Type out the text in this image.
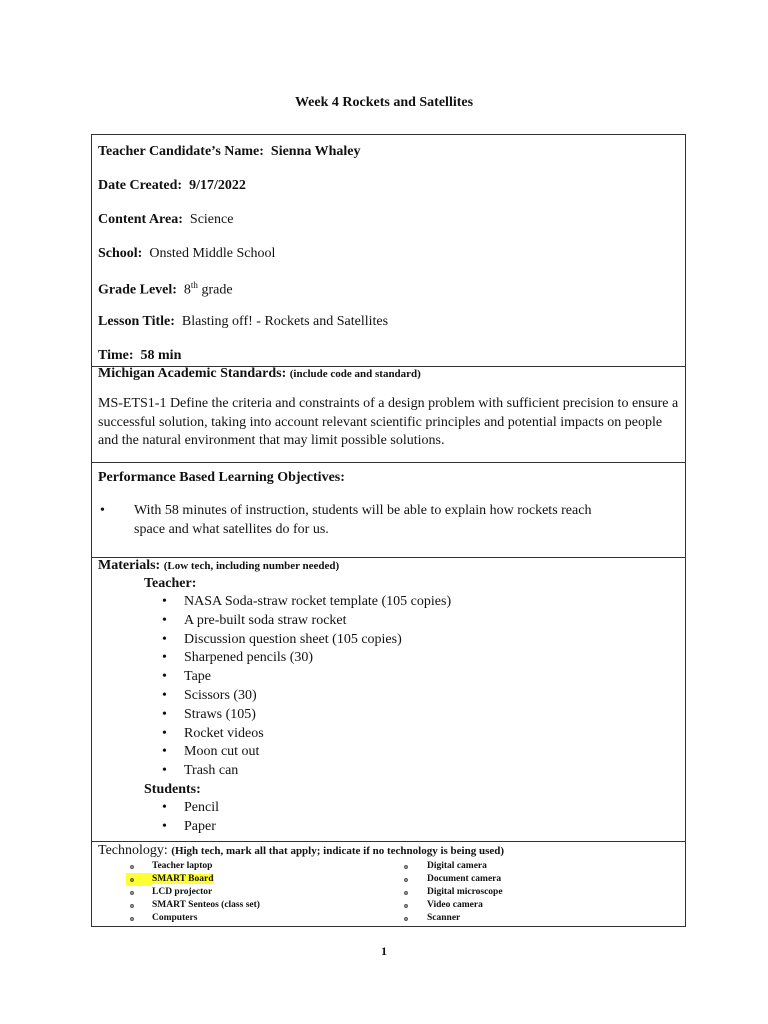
Week 4 Rockets and Satellites
Teacher Candidate’s Name: Sienna Whaley
Date Created: 9/17/2022
Content Area: Science
School: Onsted Middle School
Grade Level: 8th grade
Lesson Title: Blasting off! - Rockets and Satellites
Time: 58 min
Michigan Academic Standards: (include code and standard)
MS-ETS1-1 Define the criteria and constraints of a design problem with sufficient precision to ensure a successful solution, taking into account relevant scientific principles and potential impacts on people and the natural environment that may limit possible solutions.
Performance Based Learning Objectives:
• With 58 minutes of instruction, students will be able to explain how rockets reach space and what satellites do for us.
Materials: (Low tech, including number needed)
Teacher:
• NASA Soda-straw rocket template (105 copies)
• A pre-built soda straw rocket
• Discussion question sheet (105 copies)
• Sharpened pencils (30)
• Tape
• Scissors (30)
• Straws (105)
• Rocket videos
• Moon cut out
• Trash can
Students:
• Pencil
• Paper
Technology: (High tech, mark all that apply; indicate if no technology is being used)
o Teacher laptop
o SMART Board
o LCD projector
o SMART Senteos (class set)
o Computers
o Digital camera
o Document camera
o Digital microscope
o Video camera
o Scanner
1
